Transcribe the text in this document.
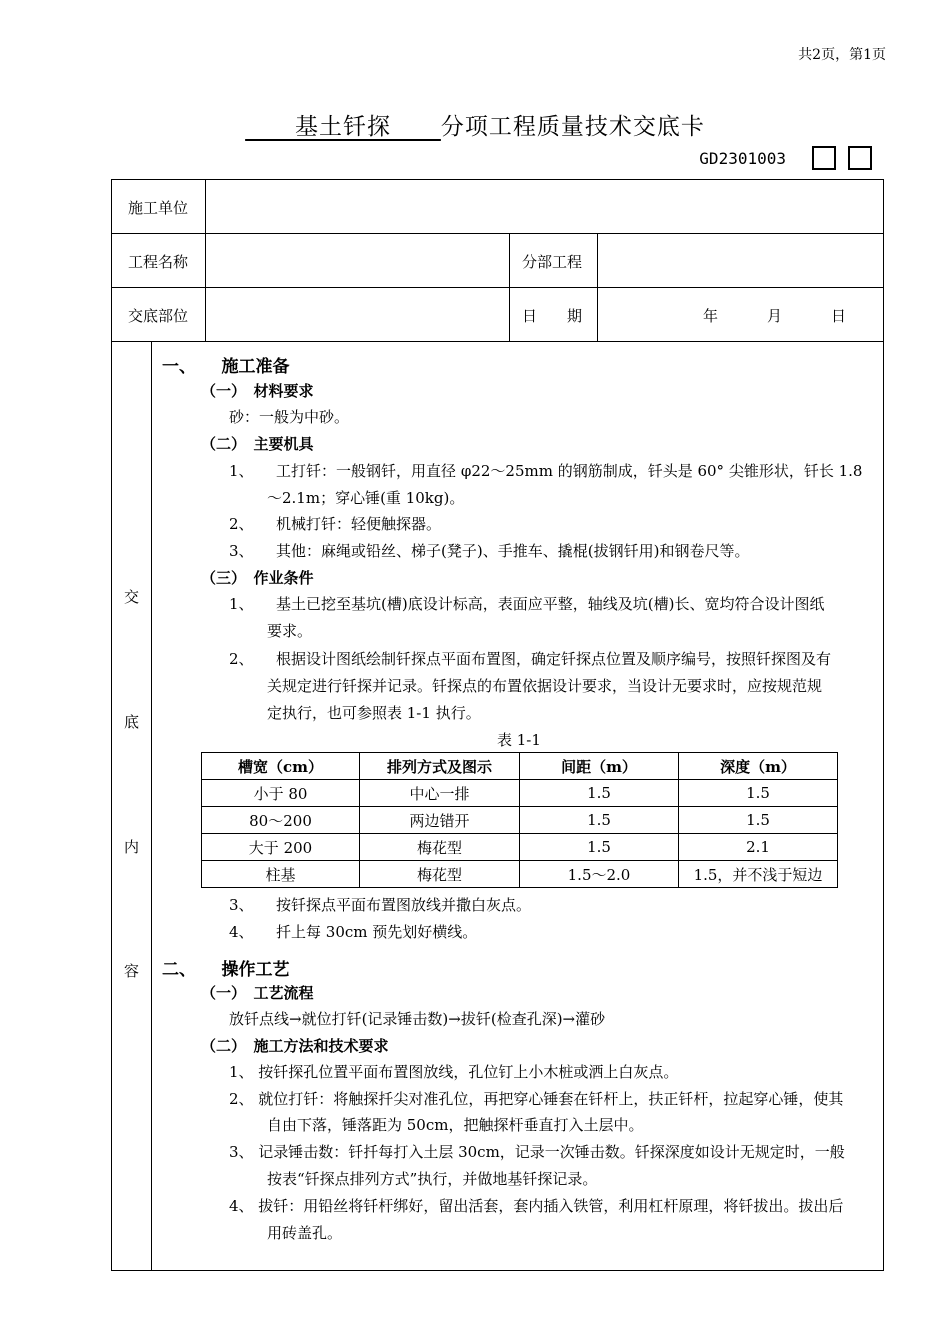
共2页，第1页
基土钎探 分项工程质量技术交底卡
GD2301003
施工单位
工程名称	分部工程
交底部位	日　　期	年	月	日
交
底
内
容
一、　　施工准备
（一）　材料要求
砂：一般为中砂。
（二）　主要机具
1、　　工打钎：一般钢钎，用直径 φ22～25mm 的钢筋制成，钎头是 60° 尖锥形状，钎长 1.8
～2.1m；穿心锤(重 10kg)。
2、　　机械打钎：轻便触探器。
3、　　其他：麻绳或铅丝、梯子(凳子)、手推车、撬棍(拔钢钎用)和钢卷尺等。
（三）　作业条件
1、　　基土已挖至基坑(槽)底设计标高，表面应平整，轴线及坑(槽)长、宽均符合设计图纸
要求。
2、　　根据设计图纸绘制钎探点平面布置图，确定钎探点位置及顺序编号，按照钎探图及有
关规定进行钎探并记录。钎探点的布置依据设计要求，当设计无要求时，应按规范规
定执行，也可参照表 1-1 执行。
表 1-1
槽宽（cm）	排列方式及图示	间距（m）	深度（m）
小于 80	中心一排	1.5	1.5
80～200	两边错开	1.5	1.5
大于 200	梅花型	1.5	2.1
柱基	梅花型	1.5～2.0	1.5，并不浅于短边
3、　　按钎探点平面布置图放线并撒白灰点。
4、　　扦上每 30cm 预先划好横线。
二、　　操作工艺
（一）　工艺流程
放钎点线→就位打钎(记录锤击数)→拔钎(检查孔深)→灌砂
（二）　施工方法和技术要求
1、 按钎探孔位置平面布置图放线，孔位钉上小木桩或洒上白灰点。
2、 就位打钎：将触探扦尖对准孔位，再把穿心锤套在钎杆上，扶正钎杆，拉起穿心锤，使其
自由下落，锤落距为 50cm，把触探杆垂直打入土层中。
3、 记录锤击数：钎扦每打入土层 30cm，记录一次锤击数。钎探深度如设计无规定时，一般
按表“钎探点排列方式”执行，并做地基钎探记录。
4、 拔钎：用铅丝将钎杆绑好，留出活套，套内插入铁管，利用杠杆原理，将钎拔出。拔出后
用砖盖孔。
